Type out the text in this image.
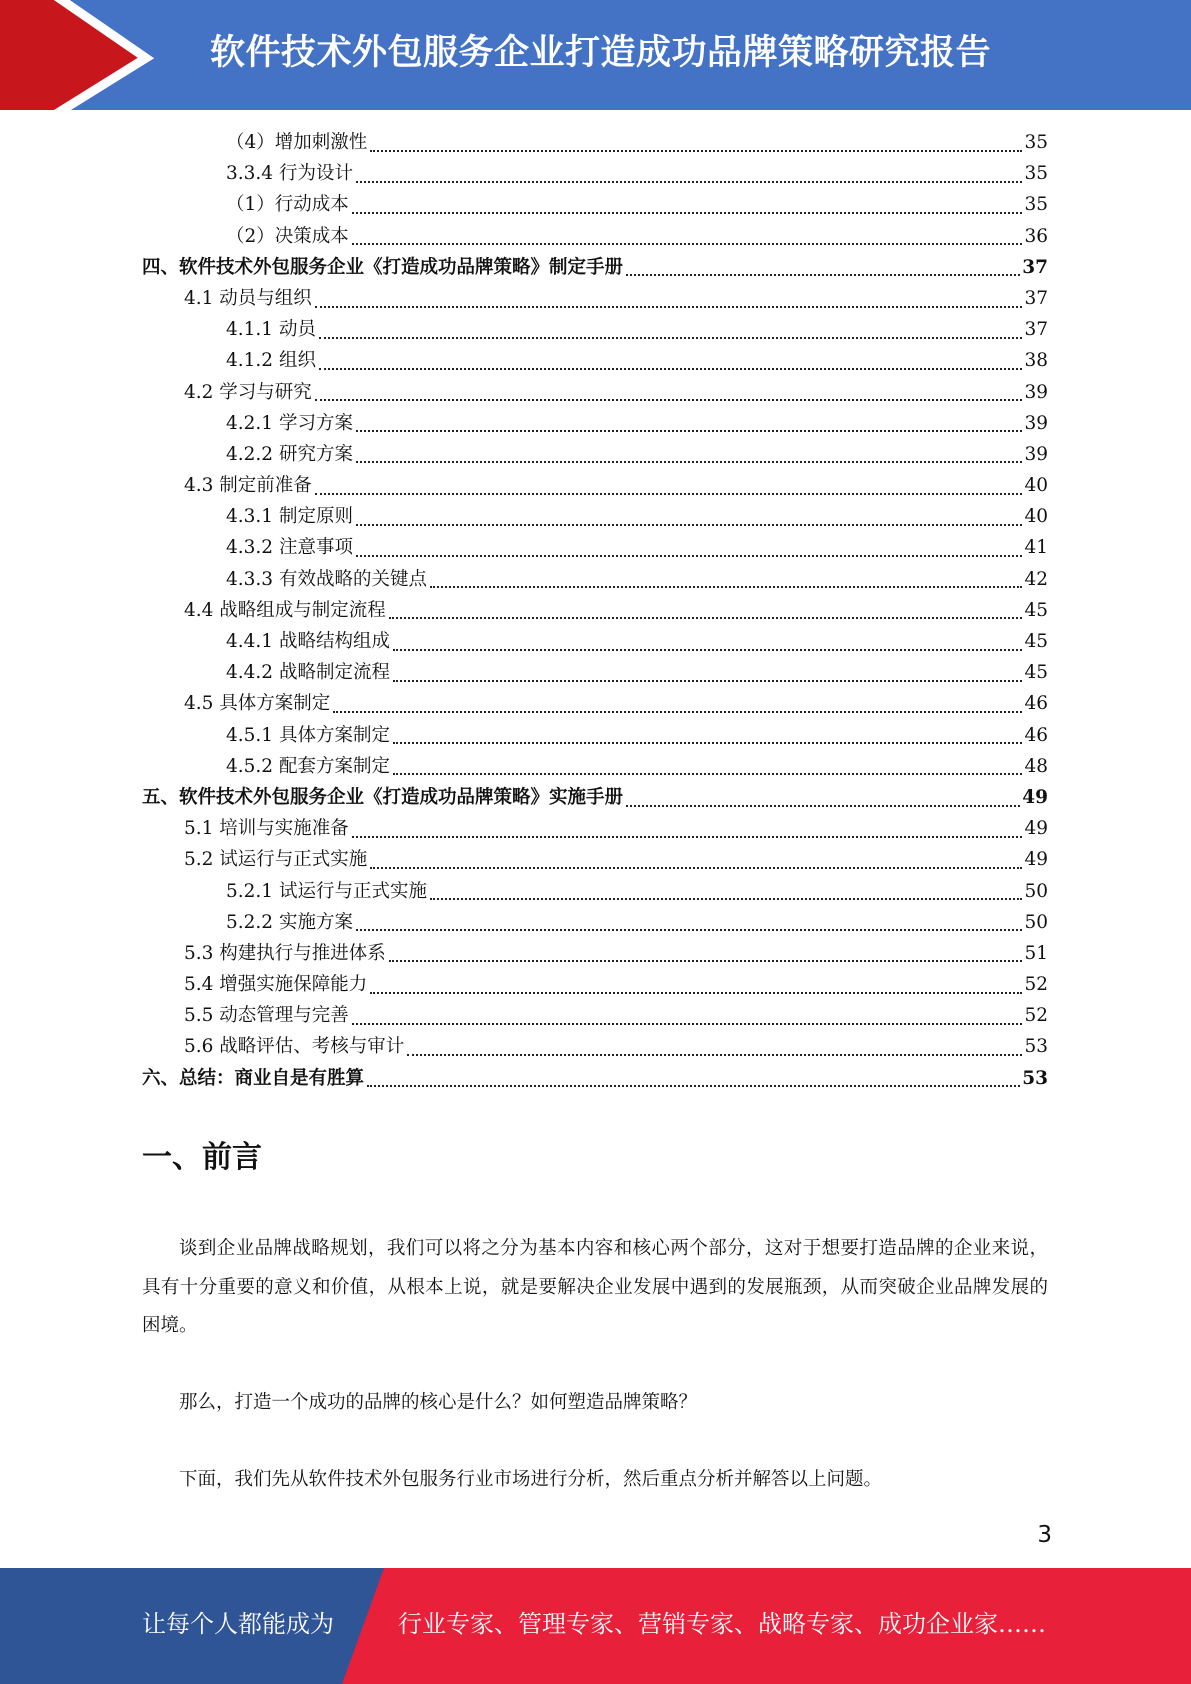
软件技术外包服务企业打造成功品牌策略研究报告
（4）增加刺激性	35
3.3.4 行为设计	35
（1）行动成本	35
（2）决策成本	36
四、软件技术外包服务企业《打造成功品牌策略》制定手册	37
4.1 动员与组织	37
4.1.1 动员	37
4.1.2 组织	38
4.2 学习与研究	39
4.2.1 学习方案	39
4.2.2 研究方案	39
4.3 制定前准备	40
4.3.1 制定原则	40
4.3.2 注意事项	41
4.3.3 有效战略的关键点	42
4.4 战略组成与制定流程	45
4.4.1 战略结构组成	45
4.4.2 战略制定流程	45
4.5 具体方案制定	46
4.5.1 具体方案制定	46
4.5.2 配套方案制定	48
五、软件技术外包服务企业《打造成功品牌策略》实施手册	49
5.1 培训与实施准备	49
5.2 试运行与正式实施	49
5.2.1 试运行与正式实施	50
5.2.2 实施方案	50
5.3 构建执行与推进体系	51
5.4 增强实施保障能力	52
5.5 动态管理与完善	52
5.6 战略评估、考核与审计	53
六、总结：商业自是有胜算	53
一、前言

谈到企业品牌战略规划，我们可以将之分为基本内容和核心两个部分，这对于想要打造品牌的企业来说，具有十分重要的意义和价值，从根本上说，就是要解决企业发展中遇到的发展瓶颈，从而突破企业品牌发展的困境。

那么，打造一个成功的品牌的核心是什么？如何塑造品牌策略？

下面，我们先从软件技术外包服务行业市场进行分析，然后重点分析并解答以上问题。

3
让每个人都能成为	行业专家、管理专家、营销专家、战略专家、成功企业家……
